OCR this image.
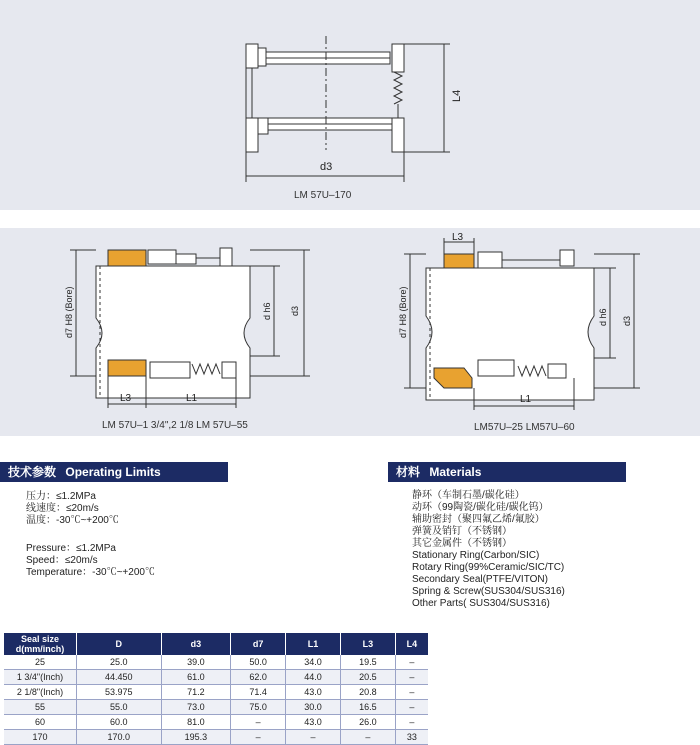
d3
L4
LM 57U–170
d7 H8 (Bore)	d h6 d3
L3	L1
d7 H8 (Bore)	d h6 d3
L3
L1
LM 57U–1 3/4",2 1/8 LM 57U–55	LM57U–25 LM57U–60
技术参数 Operating Limits
压力：≤1.2MPa
线速度：≤20m/s
温度：-30℃~+200℃
Pressure：≤1.2MPa
Speed：≤20m/s
Temperature：-30℃~+200℃
材料 Materials
静环（车制石墨/碳化硅）
动环（99陶瓷/碳化硅/碳化钨）
辅助密封（聚四氟乙烯/氟胶）
弹簧及销钉（不锈钢）
其它金属件（不锈钢）
Stationary Ring(Carbon/SIC)
Rotary Ring(99%Ceramic/SIC/TC)
Secondary Seal(PTFE/VITON)
Spring & Screw(SUS304/SUS316)
Other Parts( SUS304/SUS316)
Seal size d(mm/inch)	D	d3	d7	L1	L3	L4
25	25.0	39.0	50.0	34.0	19.5	–
1 3/4"(Inch)	44.450	61.0	62.0	44.0	20.5	–
2 1/8"(Inch)	53.975	71.2	71.4	43.0	20.8	–
55	55.0	73.0	75.0	30.0	16.5	–
60	60.0	81.0	–	43.0	26.0	–
170	170.0	195.3	–	–	–	33
